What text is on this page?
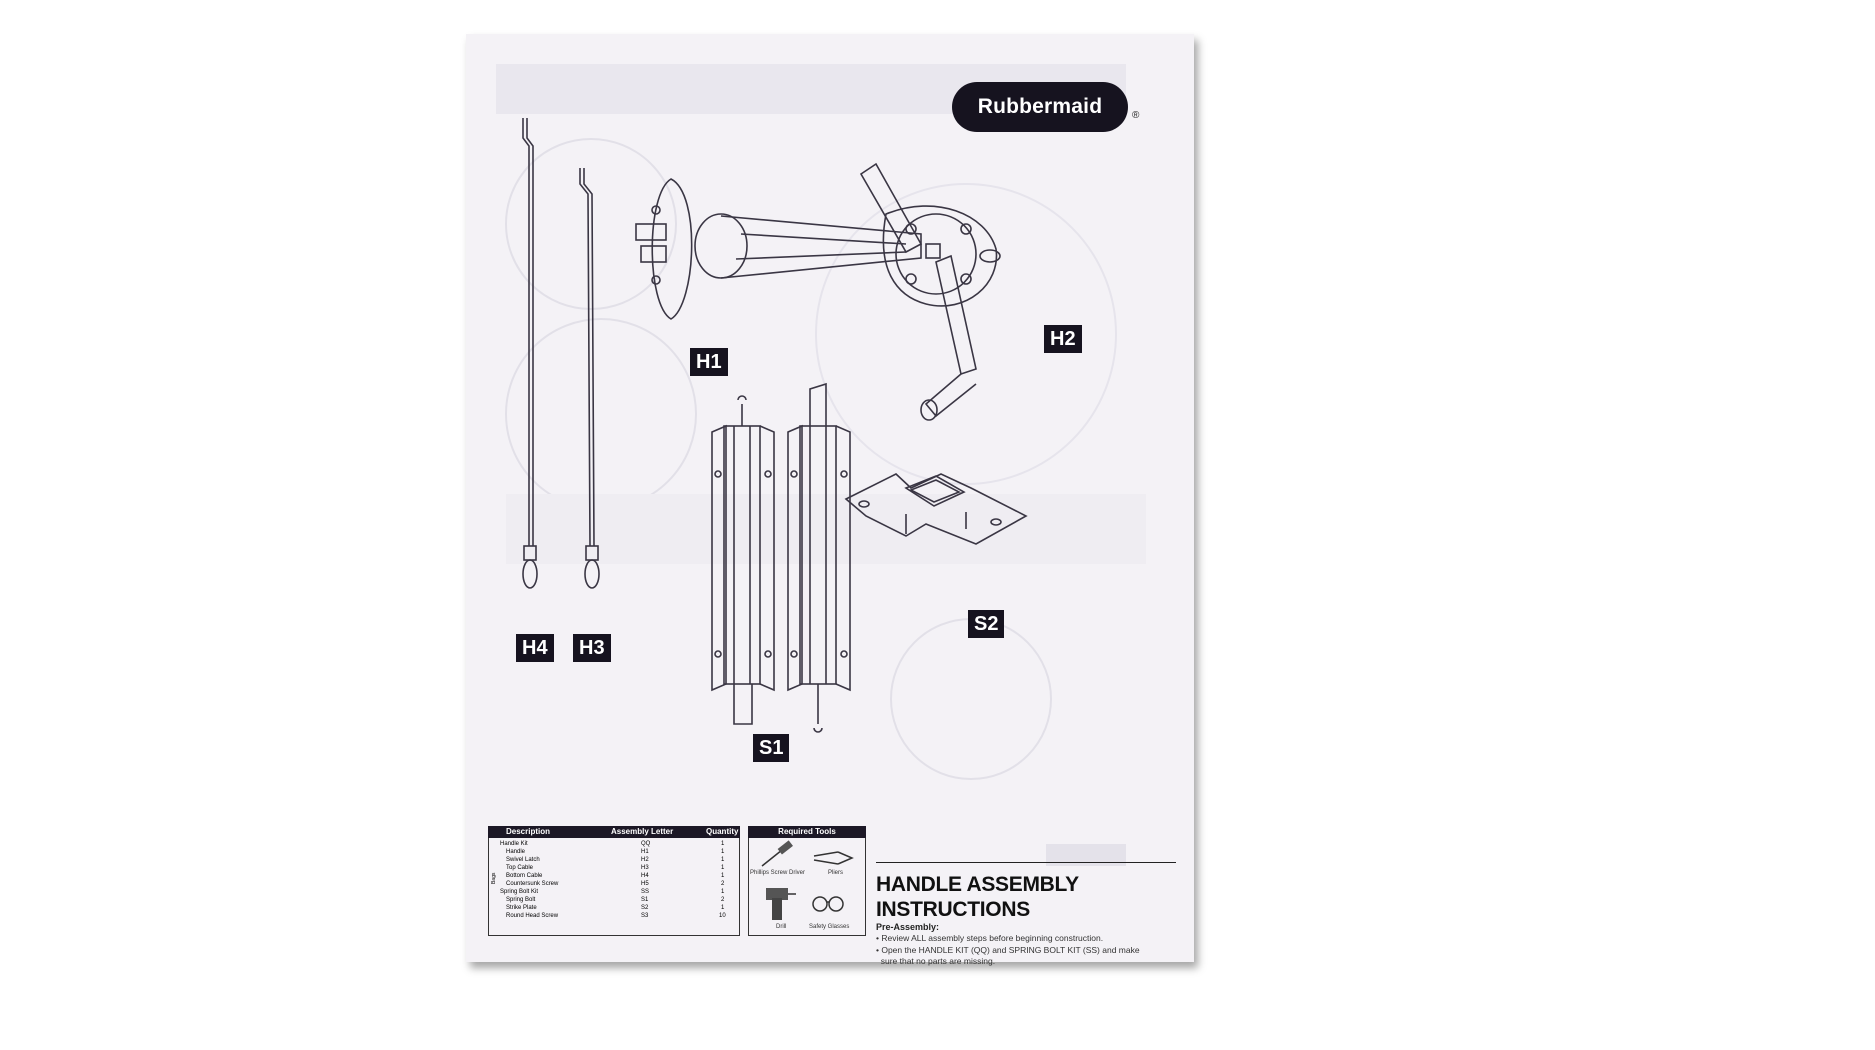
Rubbermaid	®
H1
H2
H4	H3
S1
S2
Description	Assembly Letter	Quantity
Bags
Handle Kit	QQ	1
Handle	H1	1
Swivel Latch	H2	1
Top Cable	H3	1
Bottom Cable	H4	1
Countersunk Screw	H5	2
Spring Bolt Kit	SS	1
Spring Bolt	S1	2
Strike Plate	S2	1
Round Head Screw	S3	10
Required Tools
Phillips Screw Driver	Pliers
Drill	Safety Glasses
HANDLE ASSEMBLY
INSTRUCTIONS
Pre-Assembly:
• Review ALL assembly steps before beginning construction.
• Open the HANDLE KIT (QQ) and SPRING BOLT KIT (SS) and make
sure that no parts are missing.
